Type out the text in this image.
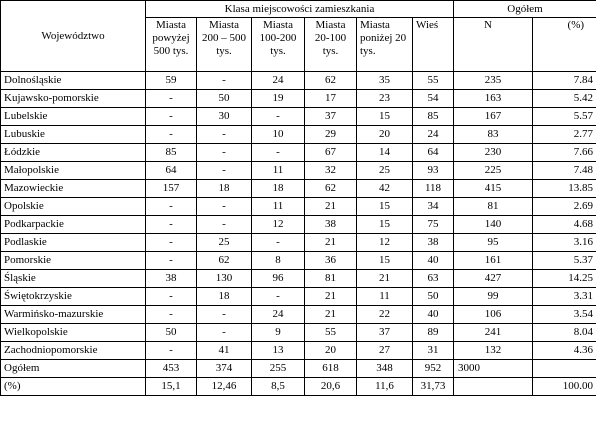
Województwo	Klasa miejscowości zamieszkania						Ogółem	
	Miasta powyżej 500 tys.	Miasta 200 – 500 tys.	Miasta 100-200 tys.	Miasta 20-100 tys.	Miasta poniżej 20 tys.	Wieś	N	(%)
Dolnośląskie	59	-	24	62	35	55	235	7.84
Kujawsko-pomorskie	-	50	19	17	23	54	163	5.42
Lubelskie	-	30	-	37	15	85	167	5.57
Lubuskie	-	-	10	29	20	24	83	2.77
Łódzkie	85	-	-	67	14	64	230	7.66
Małopolskie	64	-	11	32	25	93	225	7.48
Mazowieckie	157	18	18	62	42	118	415	13.85
Opolskie	-	-	11	21	15	34	81	2.69
Podkarpackie	-	-	12	38	15	75	140	4.68
Podlaskie	-	25	-	21	12	38	95	3.16
Pomorskie	-	62	8	36	15	40	161	5.37
Śląskie	38	130	96	81	21	63	427	14.25
Świętokrzyskie	-	18	-	21	11	50	99	3.31
Warmińsko-mazurskie	-	-	24	21	22	40	106	3.54
Wielkopolskie	50	-	9	55	37	89	241	8.04
Zachodniopomorskie	-	41	13	20	27	31	132	4.36
Ogółem	453	374	255	618	348	952	3000	
(%)	15,1	12,46	8,5	20,6	11,6	31,73		100.00
